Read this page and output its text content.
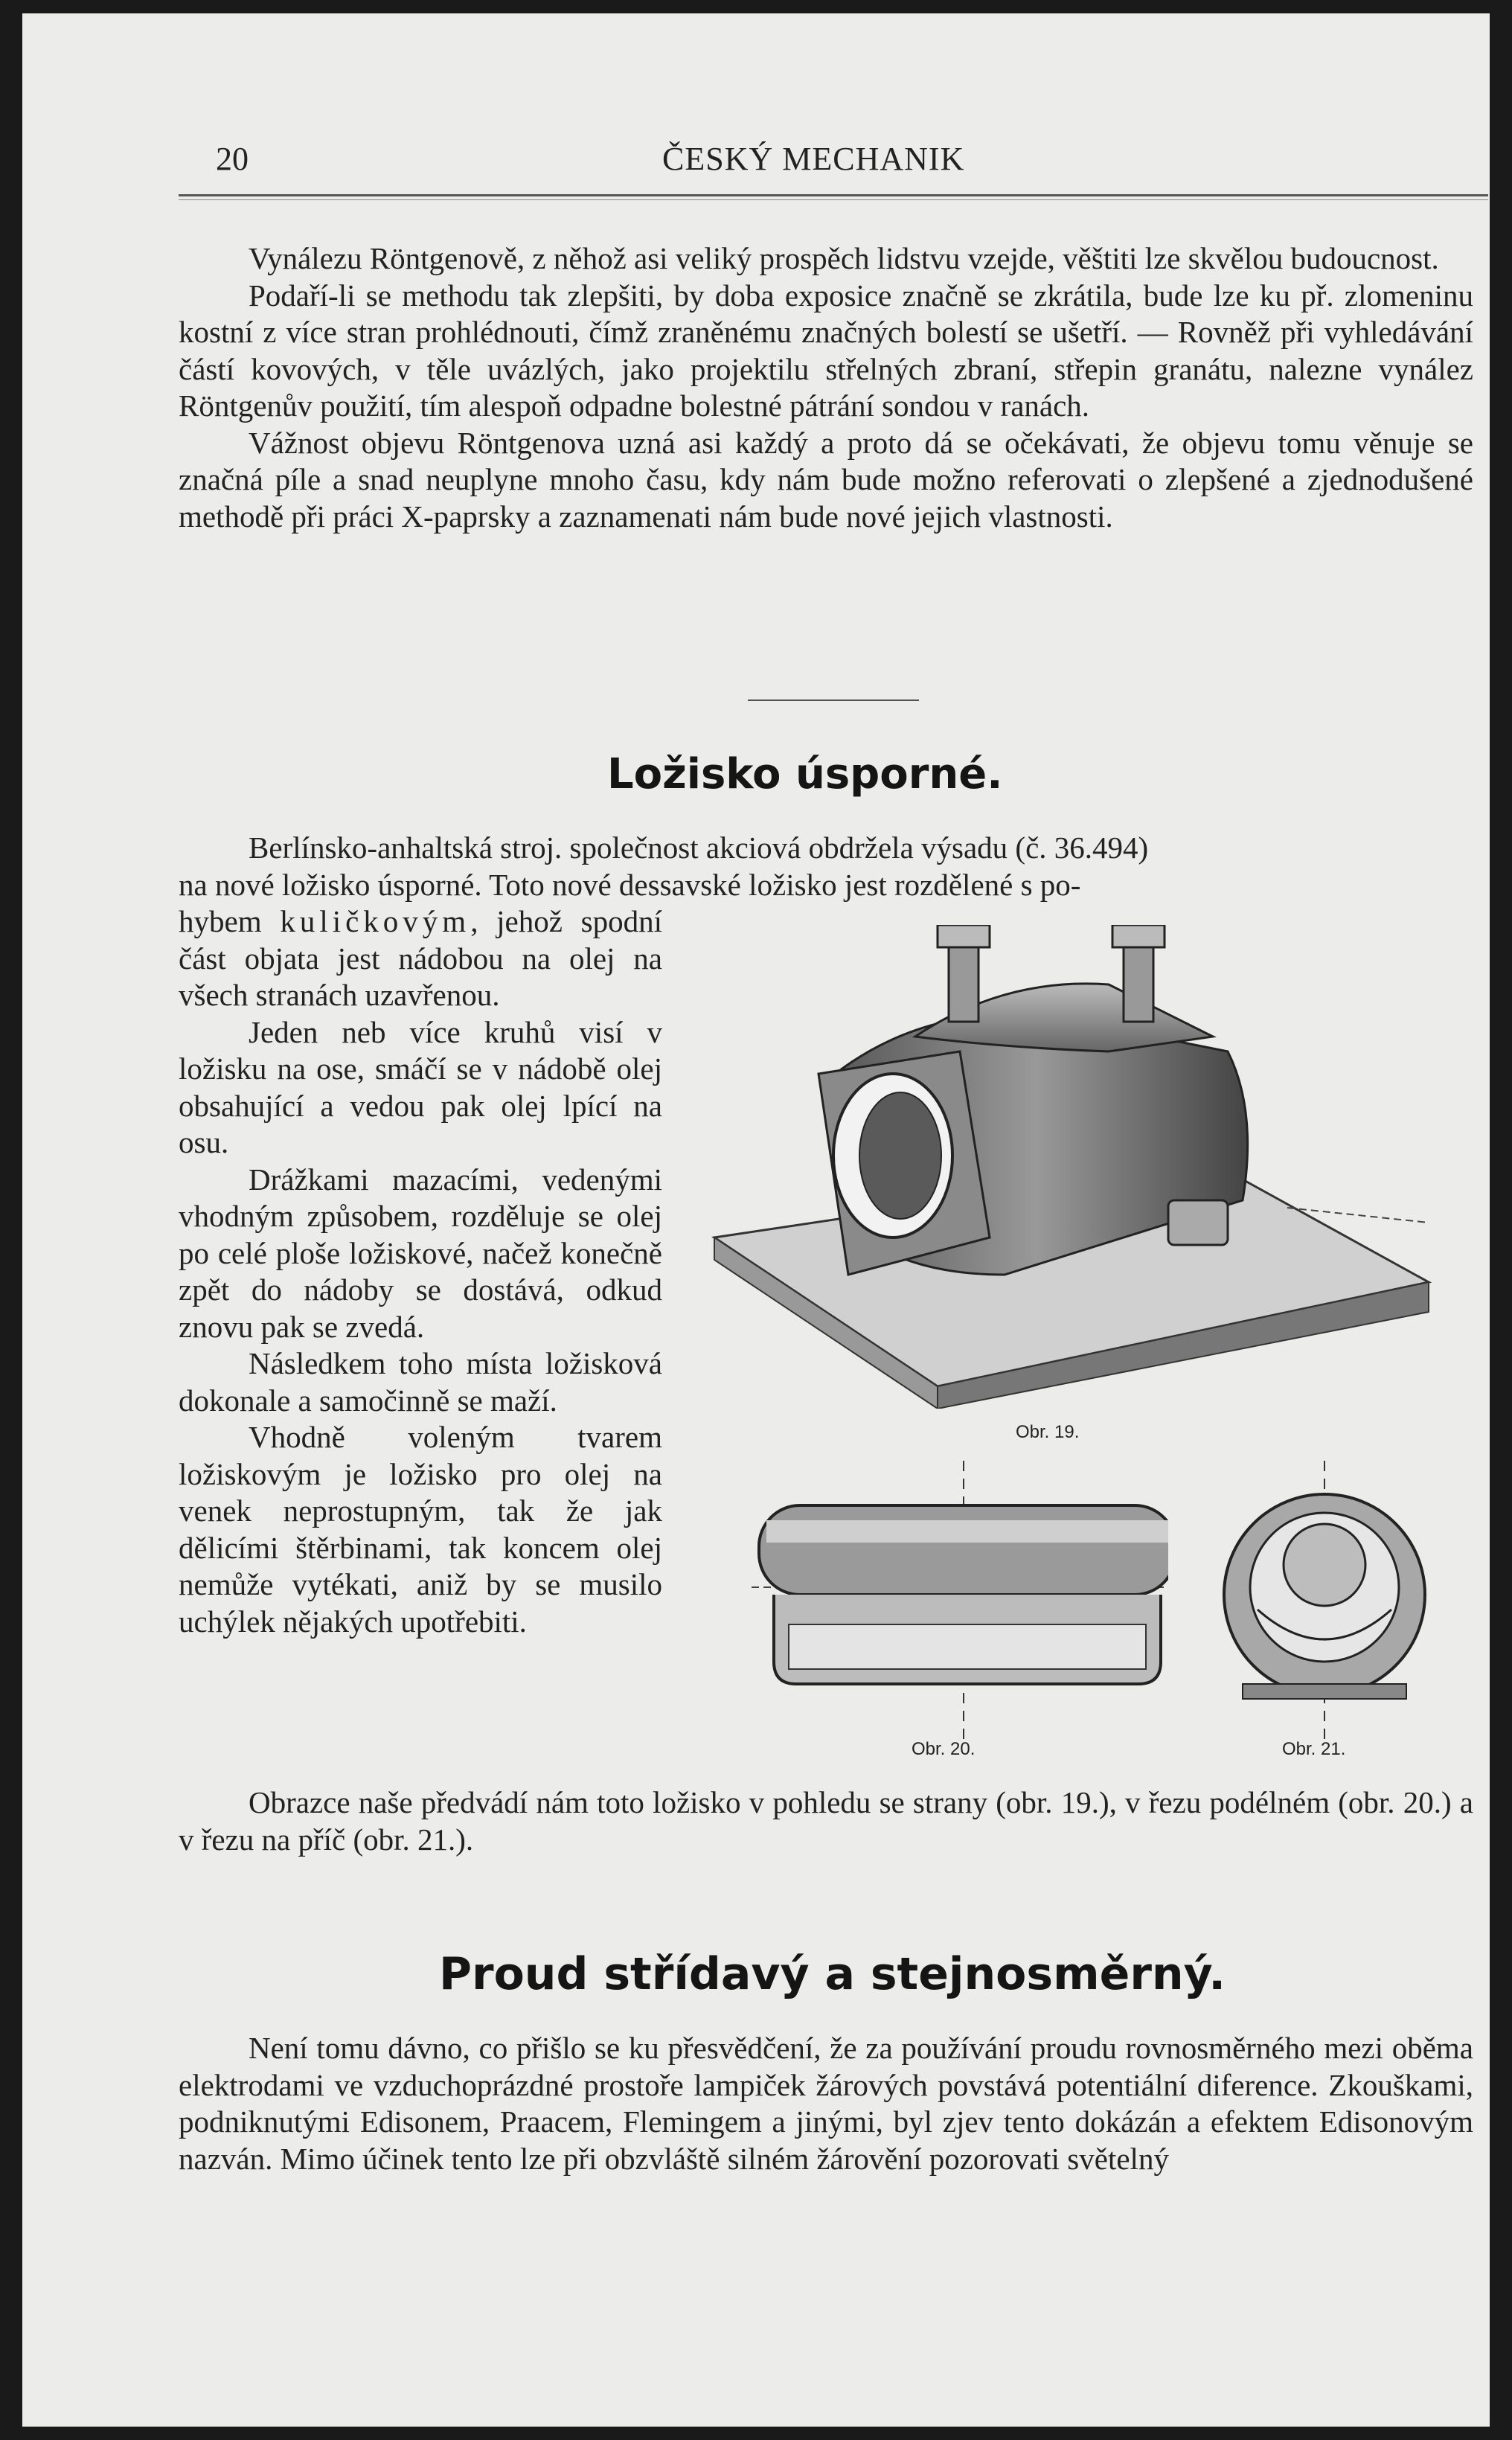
20	ČESKÝ MECHANIK

Vynálezu Röntgenově, z něhož asi veliký prospěch lidstvu vzejde, věštiti lze skvělou budoucnost.

Podaří-li se methodu tak zlepšiti, by doba exposice značně se zkrátila, bude lze ku př. zlomeninu kostní z více stran prohlédnouti, čímž zraněnému značných bolestí se ušetří. — Rovněž při vyhledávání částí kovových, v těle uvázlých, jako projektilu střelných zbraní, střepin granátu, nalezne vynález Röntgenův použití, tím alespoň odpadne bolestné pátrání sondou v ranách.

Vážnost objevu Röntgenova uzná asi každý a proto dá se očekávati, že objevu tomu věnuje se značná píle a snad neuplyne mnoho času, kdy nám bude možno referovati o zlepšené a zjednodušené methodě při práci X-paprsky a zaznamenati nám bude nové jejich vlastnosti.

Ložisko úsporné.
Berlínsko-anhaltská stroj. společnost akciová obdržela výsadu (č. 36.494)
na nové ložisko úsporné. Toto nové dessavské ložisko jest rozdělené s po-

hybem kuličkovým, jehož spodní část objata jest nádobou na olej na všech stranách uzavřenou.

Jeden neb více kruhů visí v ložisku na ose, smáčí se v nádobě olej obsahující a vedou pak olej lpící na osu.

Drážkami mazacími, vedenými vhodným způsobem, rozděluje se olej po celé ploše ložiskové, načež konečně zpět do nádoby se dostává, odkud znovu pak se zvedá.

Následkem toho místa ložisková dokonale a samočinně se maží.

Vhodně voleným tvarem ložiskovým je ložisko pro olej na venek neprostupným, tak že jak dělicími štěrbinami, tak koncem olej nemůže vytékati, aniž by se musilo uchýlek nějakých upotřebiti.

Obr. 19.
Obr. 20.	Obr. 21.

Obrazce naše předvádí nám toto ložisko v pohledu se strany (obr. 19.), v řezu podélném (obr. 20.) a v řezu na příč (obr. 21.).

Proud střídavý a stejnosměrný.

Není tomu dávno, co přišlo se ku přesvědčení, že za používání proudu rovnosměrného mezi oběma elektrodami ve vzduchoprázdné prostoře lampiček žárových povstává potentiální diference. Zkouškami, podniknutými Edisonem, Praacem, Flemingem a jinými, byl zjev tento dokázán a efektem Edisonovým nazván. Mimo účinek tento lze při obzvláště silném žárovění pozorovati světelný
